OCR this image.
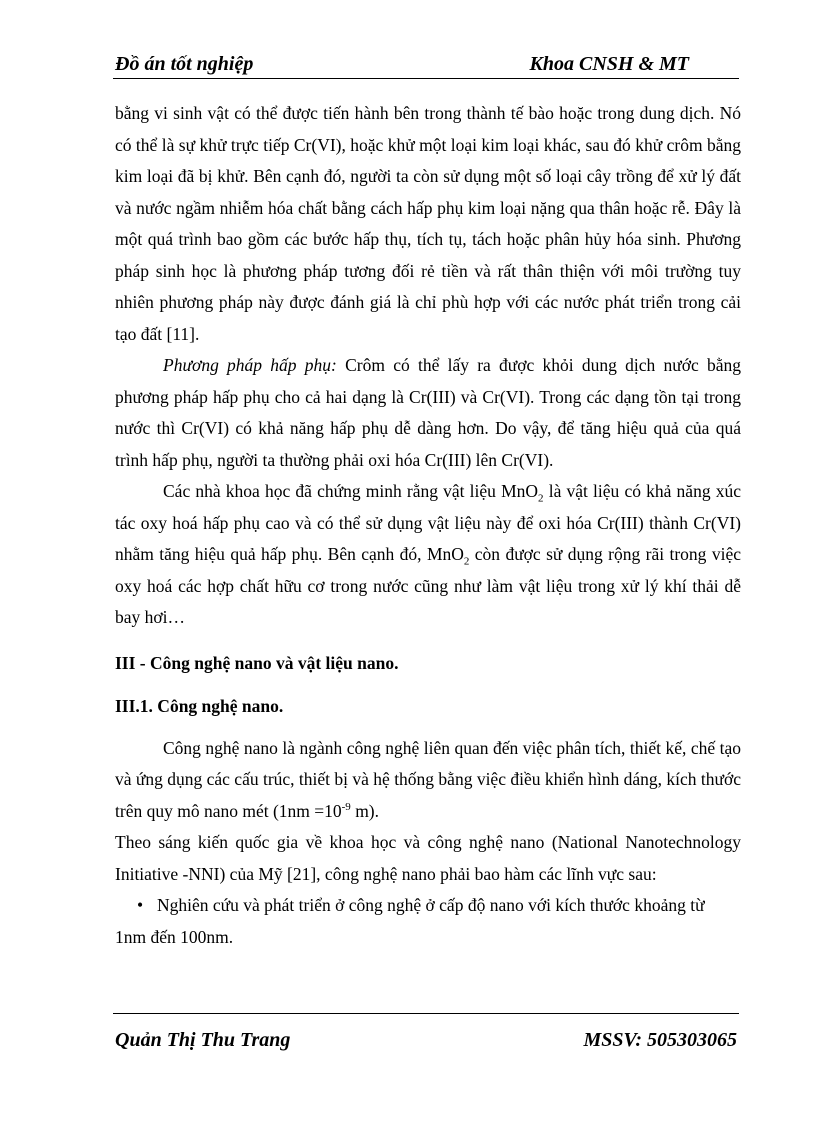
Đồ án tốt nghiệp	Khoa CNSH & MT

bằng vi sinh vật có thể được tiến hành bên trong thành tế bào hoặc trong dung dịch. Nó có thể là sự khử trực tiếp Cr(VI), hoặc khử một loại kim loại khác, sau đó khử crôm bằng kim loại đã bị khử. Bên cạnh đó, người ta còn sử dụng một số loại cây trồng để xử lý đất và nước ngầm nhiễm hóa chất bằng cách hấp phụ kim loại nặng qua thân hoặc rễ. Đây là một quá trình bao gồm các bước hấp thụ, tích tụ, tách hoặc phân hủy hóa sinh. Phương pháp sinh học là phương pháp tương đối rẻ tiền và rất thân thiện với môi trường tuy nhiên phương pháp này được đánh giá là chỉ phù hợp với các nước phát triển trong cải tạo đất [11].

Phương pháp hấp phụ: Crôm có thể lấy ra được khỏi dung dịch nước bằng phương pháp hấp phụ cho cả hai dạng là Cr(III) và Cr(VI). Trong các dạng tồn tại trong nước thì Cr(VI) có khả năng hấp phụ dễ dàng hơn. Do vậy, để tăng hiệu quả của quá trình hấp phụ, người ta thường phải oxi hóa Cr(III) lên Cr(VI).

Các nhà khoa học đã chứng minh rằng vật liệu MnO$_2$ là vật liệu có khả năng xúc tác oxy hoá hấp phụ cao và có thể sử dụng vật liệu này để oxi hóa Cr(III) thành Cr(VI) nhằm tăng hiệu quả hấp phụ. Bên cạnh đó, MnO$_2$ còn được sử dụng rộng rãi trong việc oxy hoá các hợp chất hữu cơ trong nước cũng như làm vật liệu trong xử lý khí thải dễ bay hơi…

III - Công nghệ nano và vật liệu nano.

III.1. Công nghệ nano.

Công nghệ nano là ngành công nghệ liên quan đến việc phân tích, thiết kế, chế tạo và ứng dụng các cấu trúc, thiết bị và hệ thống bằng việc điều khiển hình dáng, kích thước trên quy mô nano mét ($1nm =10^{-9}$ m).

Theo sáng kiến quốc gia về khoa học và công nghệ nano (National Nanotechnology Initiative -NNI) của Mỹ [21], công nghệ nano phải bao hàm các lĩnh vực sau:

• Nghiên cứu và phát triển ở công nghệ ở cấp độ nano với kích thước khoảng từ

1nm đến 100nm.

Quản Thị Thu Trang	MSSV: 505303065
